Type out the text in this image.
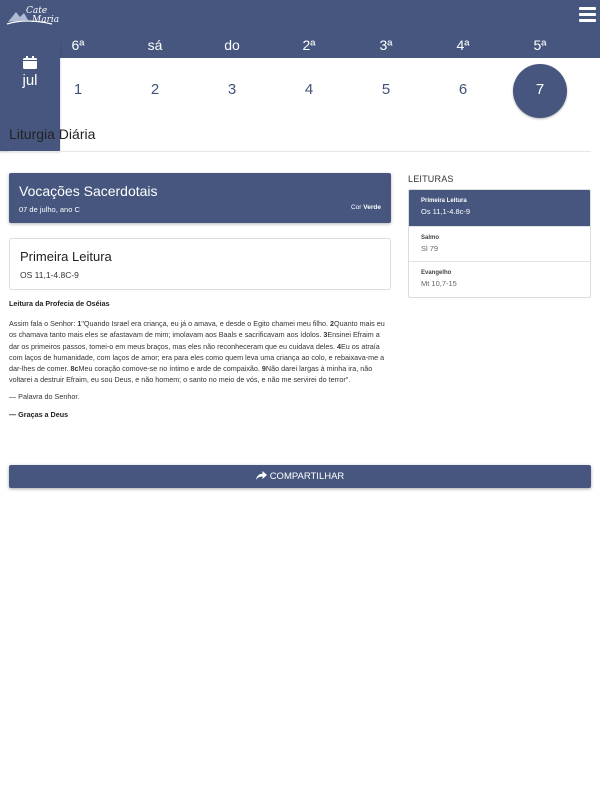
Cate
Maria
jul
6ª
1
sá
2
do
3
2ª
4
3ª
5
4ª
6
5ª
7
Liturgia Diária
Vocações Sacerdotais
07 de julho, ano C	Cor Verde
Primeira Leitura
OS 11,1-4.8C-9
Leitura da Profecia de Oséias

Assim fala o Senhor: 1"Quando Israel era criança, eu já o amava, e desde o Egito chamei meu filho. 2Quanto mais eu os chamava tanto mais eles se afastavam de mim; imolavam aos Baals e sacrificavam aos ídolos. 3Ensinei Efraim a dar os primeiros passos, tomei-o em meus braços, mas eles não reconheceram que eu cuidava deles. 4Eu os atraía com laços de humanidade, com laços de amor; era para eles como quem leva uma criança ao colo, e rebaixava-me a dar-lhes de comer. 8cMeu coração comove-se no íntimo e arde de compaixão. 9Não darei largas à minha ira, não voltarei a destruir Efraim, eu sou Deus, e não homem; o santo no meio de vós, e não me servirei do terror".

— Palavra do Senhor.

— Graças a Deus

COMPARTILHAR
LEITURAS
Primeira Leitura
Os 11,1-4.8c-9
Salmo
Sl 79
Evangelho
Mt 10,7-15
